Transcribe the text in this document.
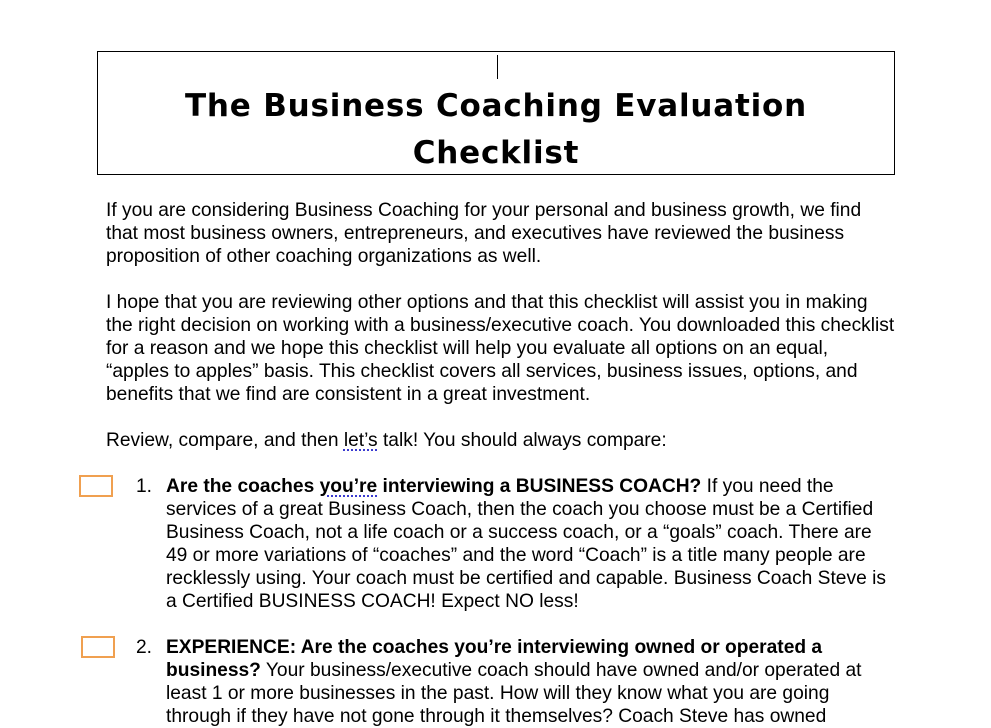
The Business Coaching Evaluation
Checklist

If you are considering Business Coaching for your personal and business growth, we find that most business owners, entrepreneurs, and executives have reviewed the business proposition of other coaching organizations as well.

I hope that you are reviewing other options and that this checklist will assist you in making the right decision on working with a business/executive coach. You downloaded this checklist for a reason and we hope this checklist will help you evaluate all options on an equal, “apples to apples” basis. This checklist covers all services, business issues, options, and benefits that we find are consistent in a great investment.

Review, compare, and then let’s talk! You should always compare:

1. Are the coaches you’re interviewing a BUSINESS COACH? If you need the services of a great Business Coach, then the coach you choose must be a Certified Business Coach, not a life coach or a success coach, or a “goals” coach. There are 49 or more variations of “coaches” and the word “Coach” is a title many people are recklessly using. Your coach must be certified and capable. Business Coach Steve is a Certified BUSINESS COACH! Expect NO less!

2. EXPERIENCE: Are the coaches you’re interviewing owned or operated a business? Your business/executive coach should have owned and/or operated at least 1 or more businesses in the past. How will they know what you are going through if they have not gone through it themselves? Coach Steve has owned
